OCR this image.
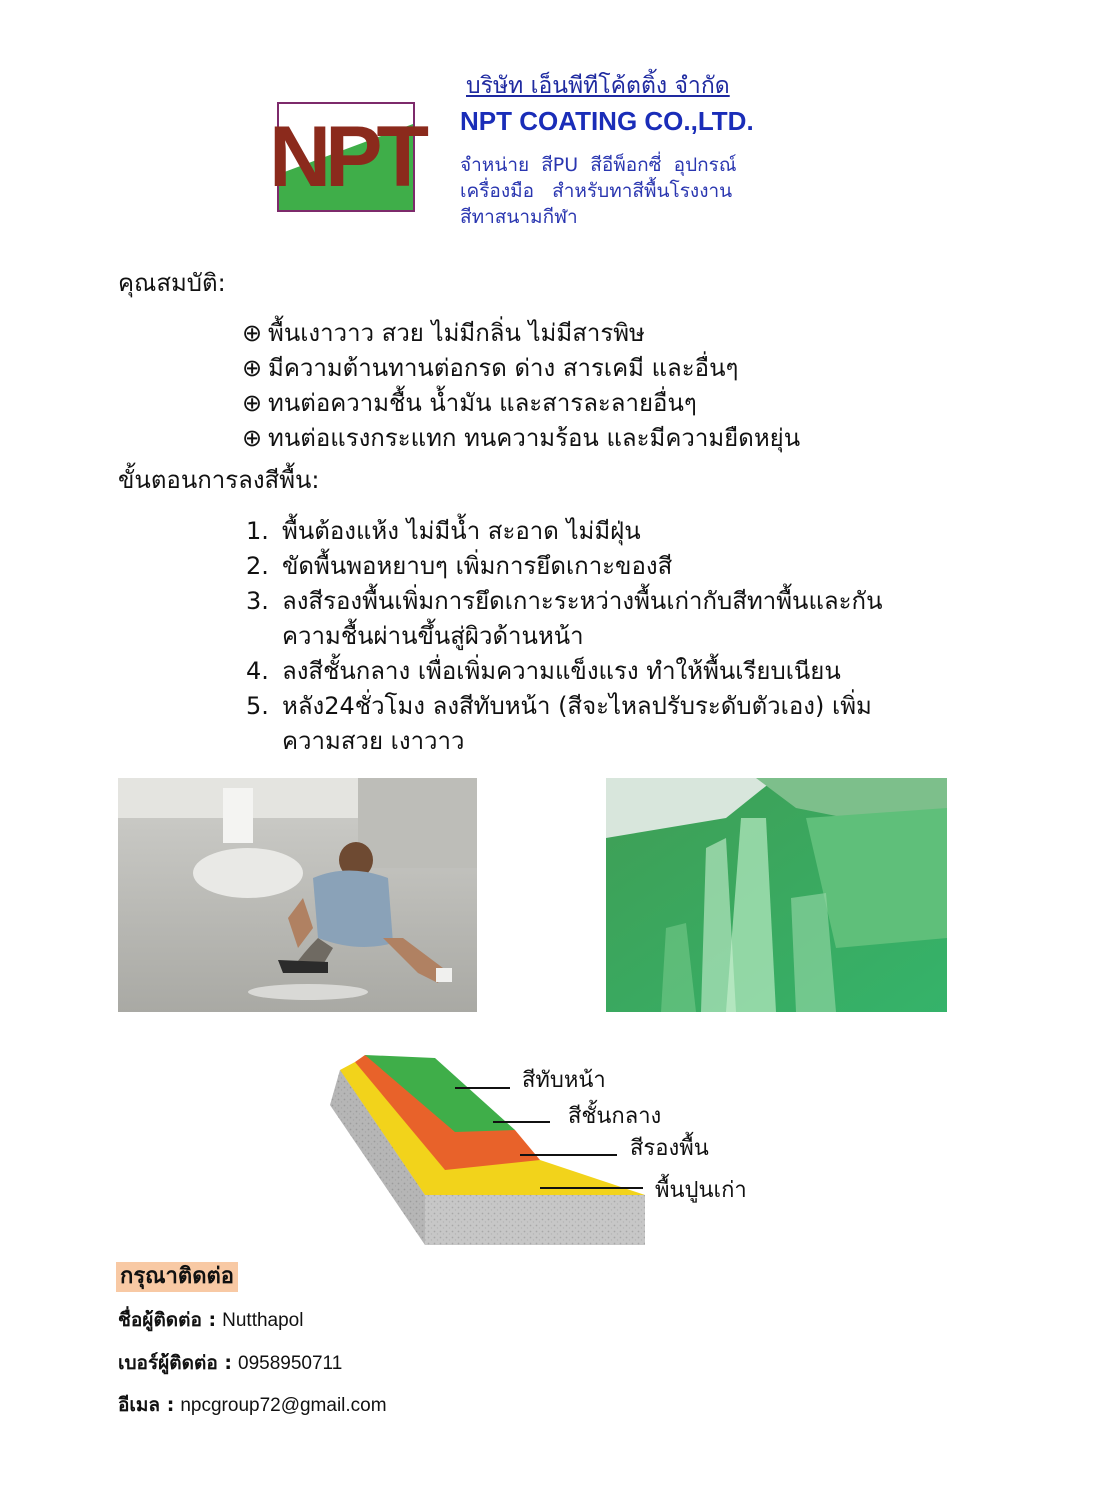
NPT
บริษัท เอ็นพีทีโค้ตติ้ง จำกัด
NPT COATING CO.,LTD.
จำหน่าย  สีPU  สีอีพ็อกซี่  อุปกรณ์
เครื่องมือ   สำหรับทาสีพื้นโรงงาน
สีทาสนามกีฬา
คุณสมบัติ:
⊕ พื้นเงาวาว สวย ไม่มีกลิ่น ไม่มีสารพิษ
⊕ มีความต้านทานต่อกรด ด่าง สารเคมี และอื่นๆ
⊕ ทนต่อความชื้น น้ำมัน และสารละลายอื่นๆ
⊕ ทนต่อแรงกระแทก ทนความร้อน และมีความยืดหยุ่น
ขั้นตอนการลงสีพื้น:
1. พื้นต้องแห้ง ไม่มีน้ำ สะอาด ไม่มีฝุ่น
2. ขัดพื้นพอหยาบๆ เพิ่มการยึดเกาะของสี
3. ลงสีรองพื้นเพิ่มการยึดเกาะระหว่างพื้นเก่ากับสีทาพื้นและกัน
ความชื้นผ่านขึ้นสู่ผิวด้านหน้า
4. ลงสีชั้นกลาง เพื่อเพิ่มความแข็งแรง ทำให้พื้นเรียบเนียน
5. หลัง24ชั่วโมง ลงสีทับหน้า (สีจะไหลปรับระดับตัวเอง) เพิ่ม
ความสวย เงาวาว
สีทับหน้า
สีชั้นกลาง
สีรองพื้น
พื้นปูนเก่า
กรุณาติดต่อ
ชื่อผู้ติดต่อ : Nutthapol
เบอร์ผู้ติดต่อ : 0958950711
อีเมล : npcgroup72@gmail.com
